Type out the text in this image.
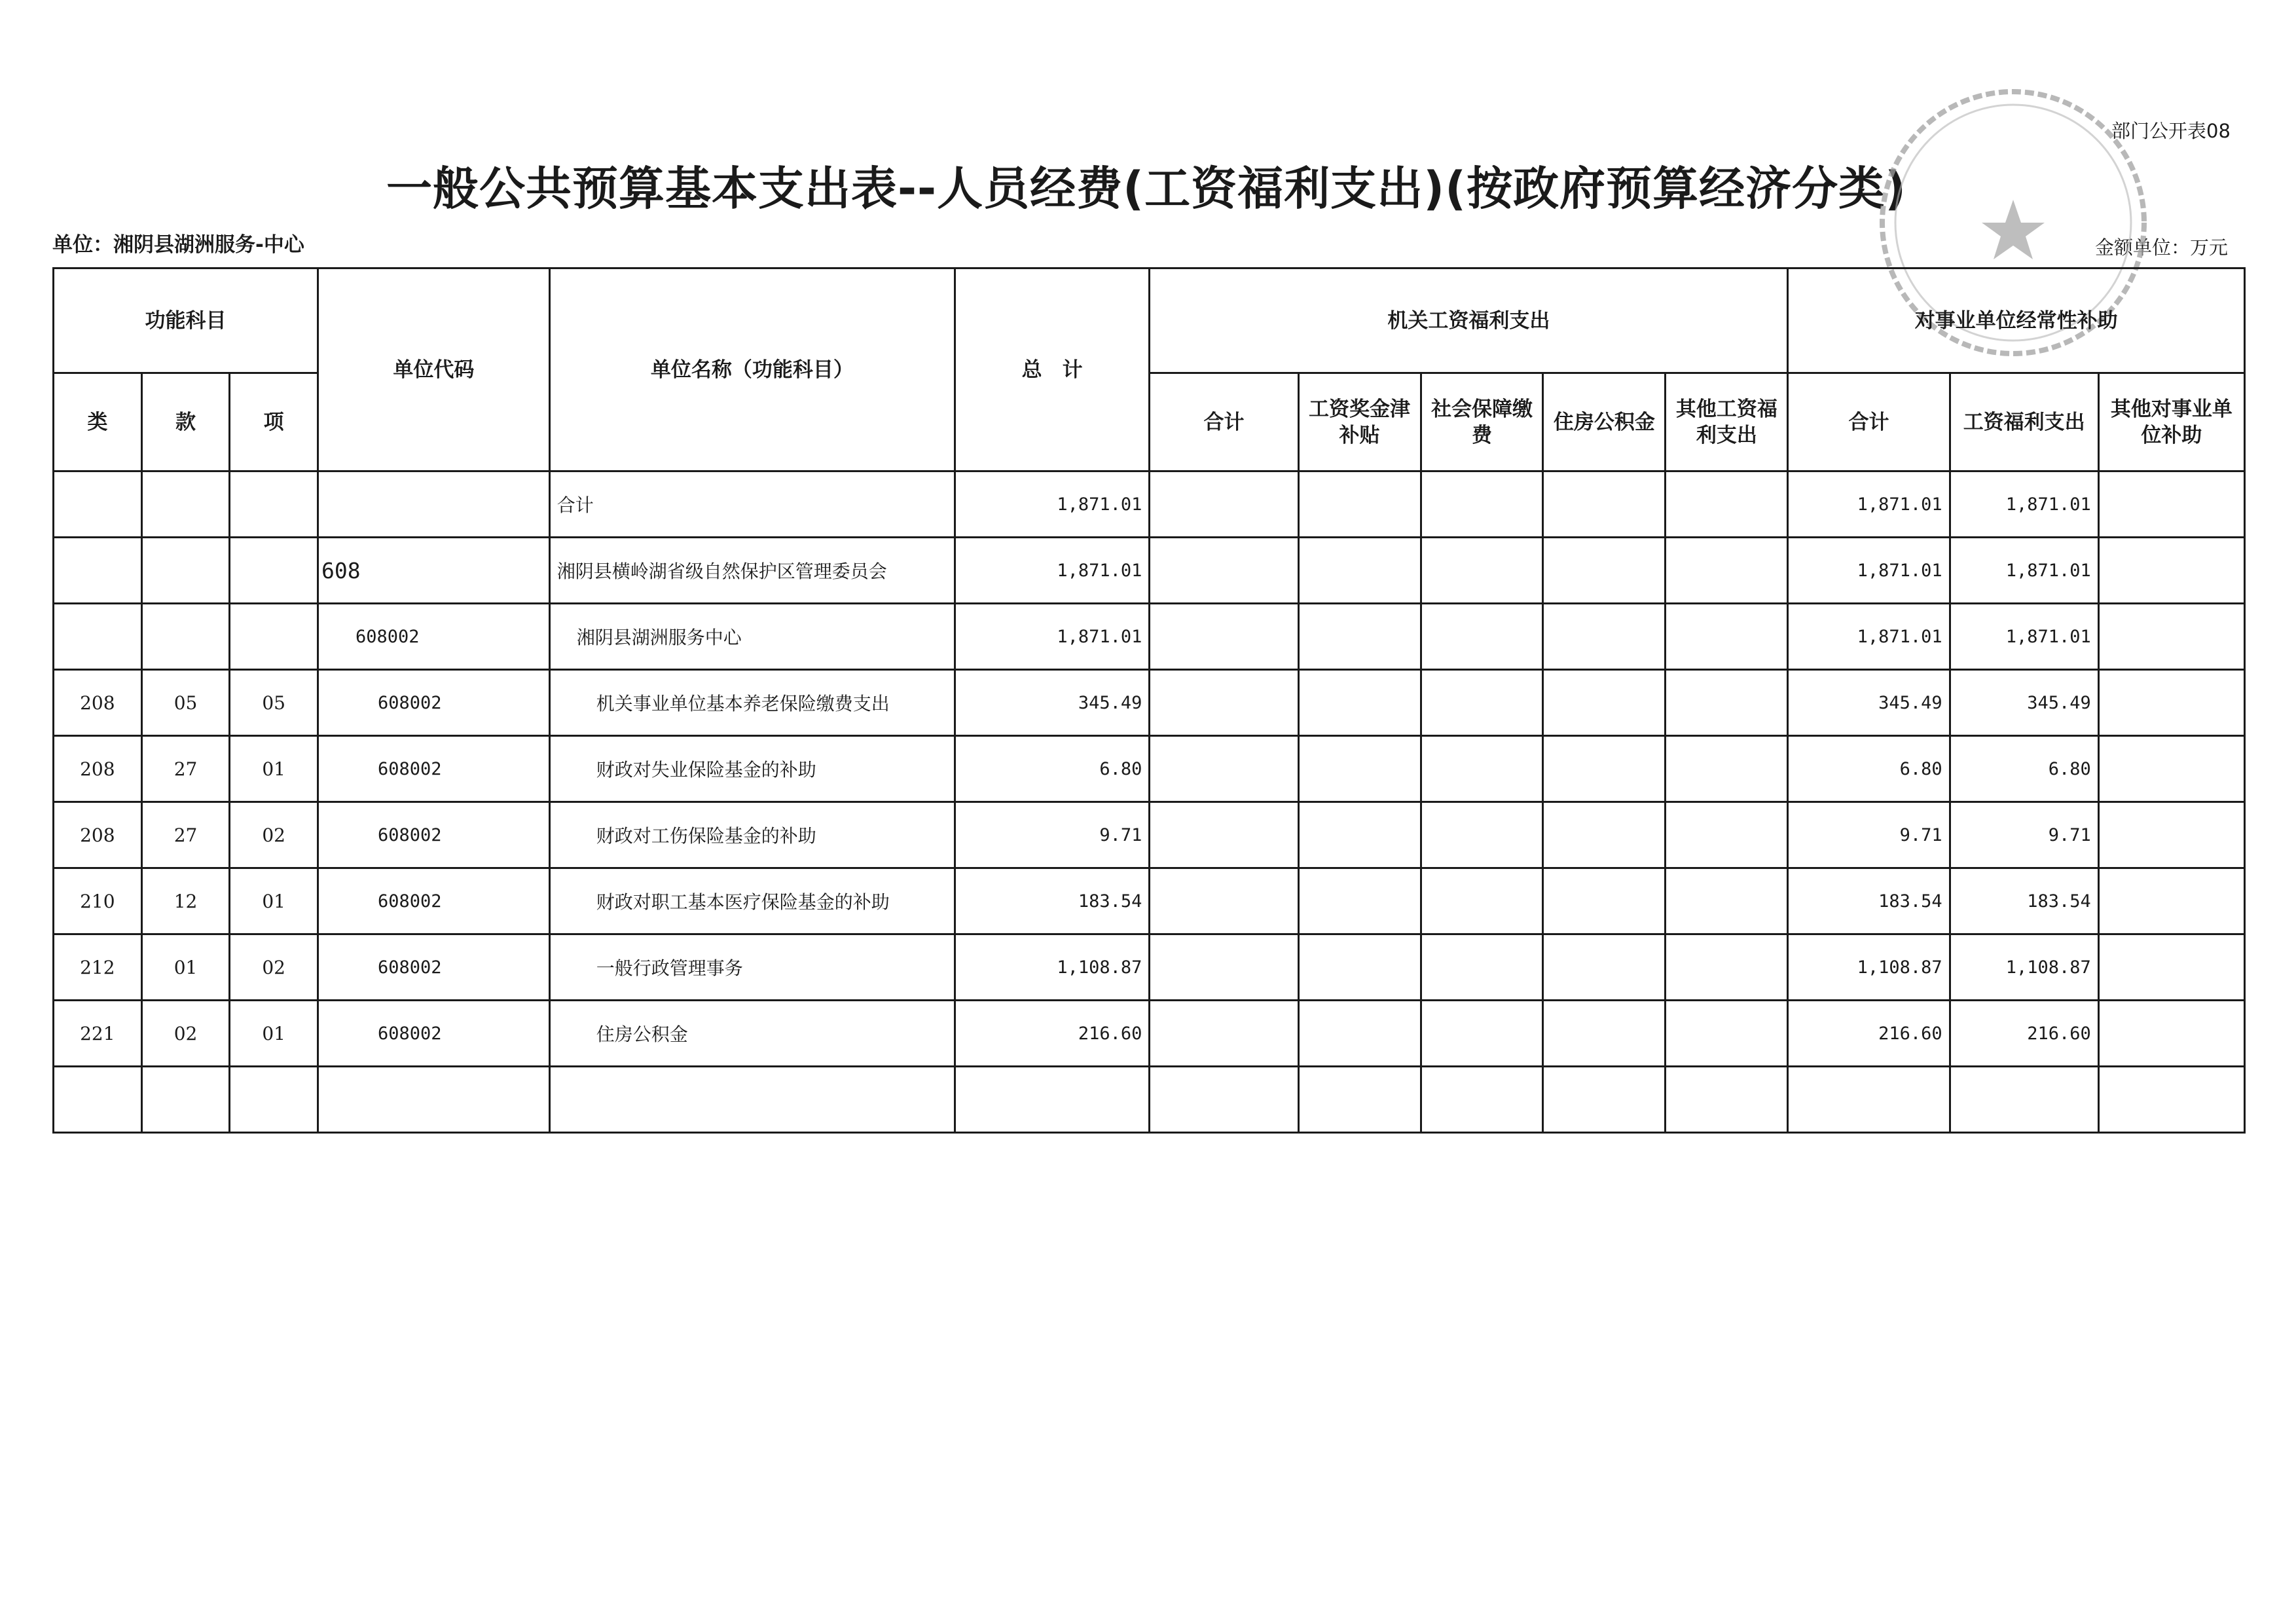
部门公开表08
一般公共预算基本支出表--人员经费(工资福利支出)(按政府预算经济分类)
单位：湘阴县湖洲服务-中心	金额单位：万元
功能科目			单位代码	单位名称（功能科目）	总　计	机关工资福利支出					对事业单位经常性补助		
类	款	项				合计	工资奖金津补贴	社会保障缴费	住房公积金	其他工资福利支出	合计	工资福利支出	其他对事业单位补助
				合计	1,871.01						1,871.01	1,871.01	
			608	湘阴县横岭湖省级自然保护区管理委员会	1,871.01						1,871.01	1,871.01	
			608002	湘阴县湖洲服务中心	1,871.01						1,871.01	1,871.01	
208	05	05	608002	机关事业单位基本养老保险缴费支出	345.49						345.49	345.49	
208	27	01	608002	财政对失业保险基金的补助	6.80						6.80	6.80	
208	27	02	608002	财政对工伤保险基金的补助	9.71						9.71	9.71	
210	12	01	608002	财政对职工基本医疗保险基金的补助	183.54						183.54	183.54	
212	01	02	608002	一般行政管理事务	1,108.87						1,108.87	1,108.87	
221	02	01	608002	住房公积金	216.60						216.60	216.60	
